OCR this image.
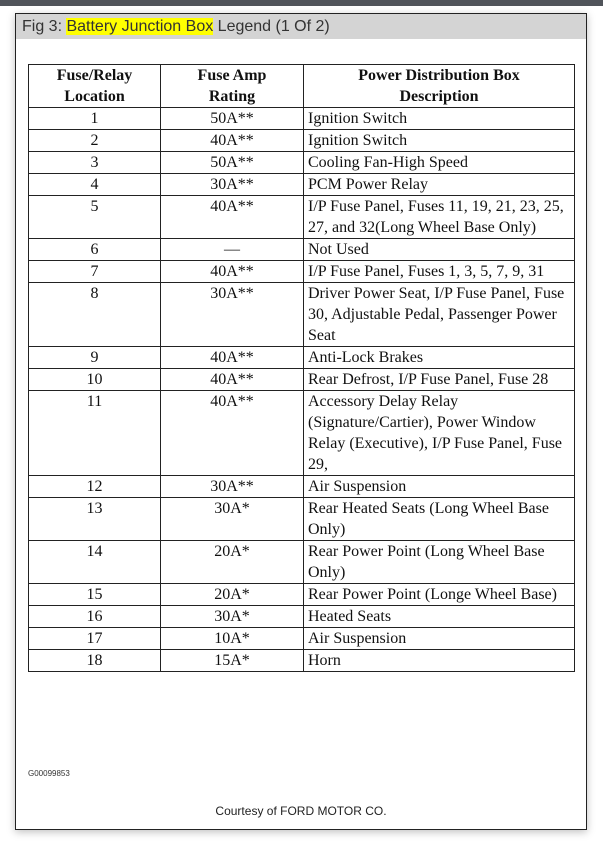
Fig 3: Battery Junction Box Legend (1 Of 2)
Fuse/Relay Location	Fuse Amp Rating	Power Distribution Box Description
1	50A**	Ignition Switch
2	40A**	Ignition Switch
3	50A**	Cooling Fan-High Speed
4	30A**	PCM Power Relay
5	40A**	I/P Fuse Panel, Fuses 11, 19, 21, 23, 25, 27, and 32(Long Wheel Base Only)
6	—	Not Used
7	40A**	I/P Fuse Panel, Fuses 1, 3, 5, 7, 9, 31
8	30A**	Driver Power Seat, I/P Fuse Panel, Fuse 30, Adjustable Pedal, Passenger Power Seat
9	40A**	Anti-Lock Brakes
10	40A**	Rear Defrost, I/P Fuse Panel, Fuse 28
11	40A**	Accessory Delay Relay (Signature/Cartier), Power Window Relay (Executive), I/P Fuse Panel, Fuse 29,
12	30A**	Air Suspension
13	30A*	Rear Heated Seats (Long Wheel Base Only)
14	20A*	Rear Power Point (Long Wheel Base Only)
15	20A*	Rear Power Point (Longe Wheel Base)
16	30A*	Heated Seats
17	10A*	Air Suspension
18	15A*	Horn
G00099853
Courtesy of FORD MOTOR CO.
